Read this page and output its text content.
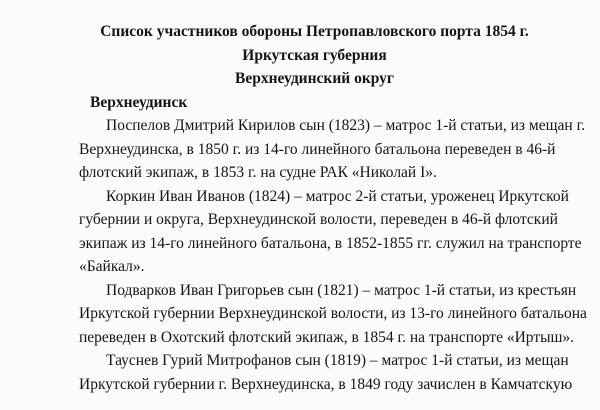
Список участников обороны Петропавловского порта 1854 г.

Иркутская губерния

Верхнеудинский округ

Верхнеудинск

Поспелов Дмитрий Кирилов сын (1823) – матрос 1-й статьи, из мещан г.
Верхнеудинска, в 1850 г. из 14-го линейного батальона переведен в 46-й
флотский экипаж, в 1853 г. на судне РАК «Николай I».
Коркин Иван Иванов (1824) – матрос 2-й статьи, уроженец Иркутской
губернии и округа, Верхнеудинской волости, переведен в 46-й флотский
экипаж из 14-го линейного батальона, в 1852-1855 гг. служил на транспорте
«Байкал».
Подварков Иван Григорьев сын (1821) – матрос 1-й статьи, из крестьян
Иркутской губернии Верхнеудинской волости, из 13-го линейного батальона
переведен в Охотский флотский экипаж, в 1854 г. на транспорте «Иртыш».
Тауснев Гурий Митрофанов сын (1819) – матрос 1-й статьи, из мещан
Иркутской губернии г. Верхнеудинска, в 1849 году зачислен в Камчатскую
